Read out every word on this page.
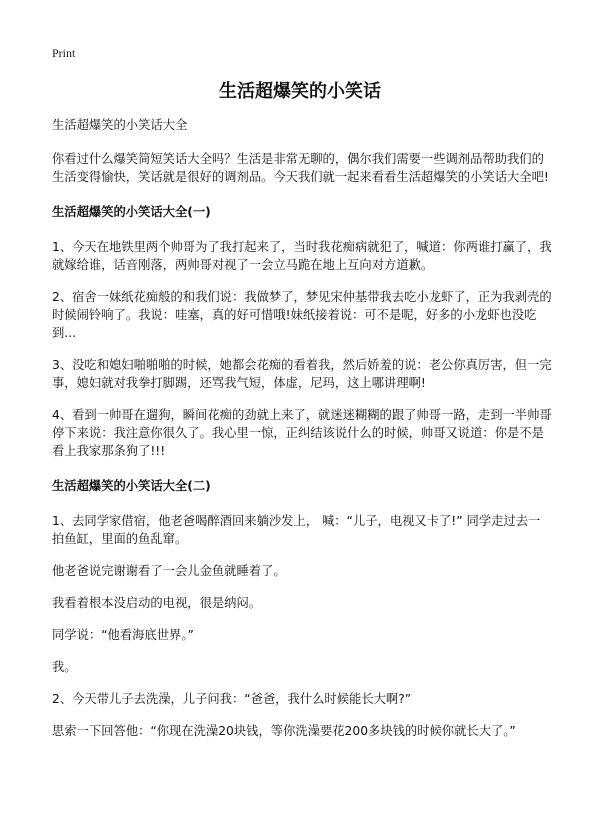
Print
生活超爆笑的小笑话

生活超爆笑的小笑话大全

你看过什么爆笑简短笑话大全吗？生活是非常无聊的，偶尔我们需要一些调剂品帮助我们的生活变得愉快，笑话就是很好的调剂品。今天我们就一起来看看生活超爆笑的小笑话大全吧!

生活超爆笑的小笑话大全(一)

1、今天在地铁里两个帅哥为了我打起来了，当时我花痴病就犯了，喊道：你两谁打赢了，我就嫁给谁，话音刚落，两帅哥对视了一会立马跪在地上互向对方道歉。

2、宿舍一妹纸花痴般的和我们说：我做梦了，梦见宋仲基带我去吃小龙虾了，正为我剥壳的时候闹铃响了。我说：哇塞，真的好可惜哦!妹纸接着说：可不是呢，好多的小龙虾也没吃到...

3、没吃和媳妇啪啪啪的时候，她都会花痴的看着我，然后娇羞的说：老公你真厉害，但一完事，媳妇就对我拳打脚踢，还骂我气短，体虚，尼玛，这上哪讲理啊!

4、看到一帅哥在遛狗，瞬间花痴的劲就上来了，就迷迷糊糊的跟了帅哥一路，走到一半帅哥停下来说：我注意你很久了。我心里一惊，正纠结该说什么的时候，帅哥又说道：你是不是看上我家那条狗了!!!

生活超爆笑的小笑话大全(二)

1、去同学家借宿，他老爸喝醉酒回来躺沙发上， 喊：“儿子，电视又卡了!” 同学走过去一拍鱼缸，里面的鱼乱窜。

他老爸说完谢谢看了一会儿金鱼就睡着了。

我看着根本没启动的电视，很是纳闷。

同学说：“他看海底世界。”

我。

2、今天带儿子去洗澡，儿子问我：“爸爸，我什么时候能长大啊?”

思索一下回答他：“你现在洗澡20块钱，等你洗澡要花200多块钱的时候你就长大了。”
